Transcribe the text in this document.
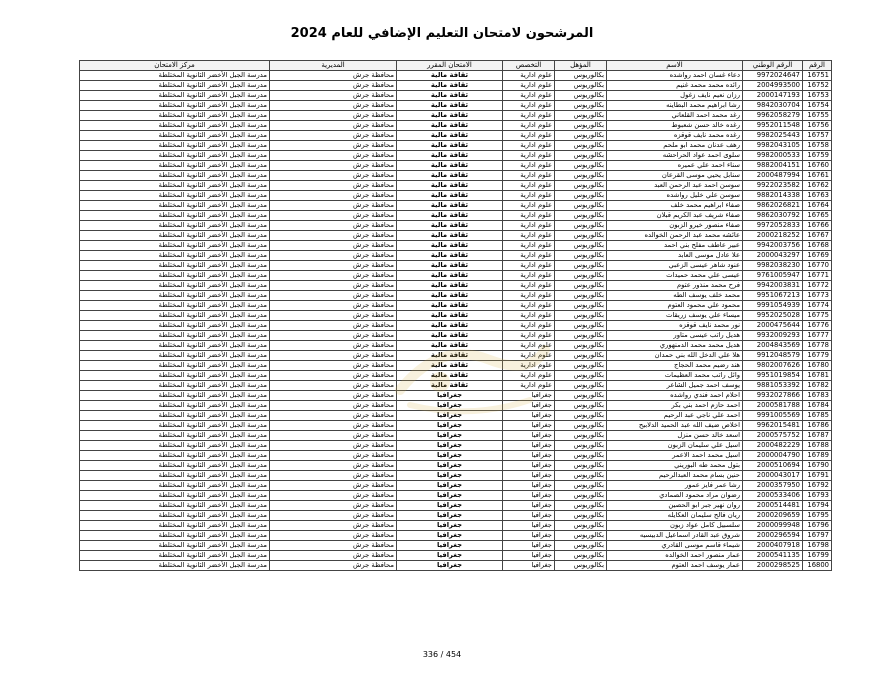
المرشحون لامتحان التعليم الإضافي للعام 2024
الرقم	الرقم الوطني	الاسم	المؤهل	التخصص	الامتحان المقرر	المديرية	مركز الامتحان
16751	9972024647	دعاء غسان احمد رواشده	بكالوريوس	علوم ادارية	ثقافة مالية	محافظة جرش	مدرسة الجبل الأخضر الثانوية المختلطة
16752	2004993500	رائده محمد محمد غنيم	بكالوريوس	علوم ادارية	ثقافة مالية	محافظة جرش	مدرسة الجبل الأخضر الثانوية المختلطة
16753	2000147193	رزان نعيم نايف زغول	بكالوريوس	علوم ادارية	ثقافة مالية	محافظة جرش	مدرسة الجبل الأخضر الثانوية المختلطة
16754	9842030704	رشا ابراهيم محمد البطاينه	بكالوريوس	علوم ادارية	ثقافة مالية	محافظة جرش	مدرسة الجبل الأخضر الثانوية المختلطة
16755	9962058279	رغد محمد احمد القلعاني	بكالوريوس	علوم ادارية	ثقافة مالية	محافظة جرش	مدرسة الجبل الأخضر الثانوية المختلطة
16756	9952011548	رغده خالد حسن شعبوط	بكالوريوس	علوم ادارية	ثقافة مالية	محافظة جرش	مدرسة الجبل الأخضر الثانوية المختلطة
16757	9982025443	رغده محمد نايف قوقزه	بكالوريوس	علوم ادارية	ثقافة مالية	محافظة جرش	مدرسة الجبل الأخضر الثانوية المختلطة
16758	9982043105	رهف عدنان محمد ابو ملحم	بكالوريوس	علوم ادارية	ثقافة مالية	محافظة جرش	مدرسة الجبل الأخضر الثانوية المختلطة
16759	9982000533	سلوى احمد عواد الحراحشه	بكالوريوس	علوم ادارية	ثقافة مالية	محافظة جرش	مدرسة الجبل الأخضر الثانوية المختلطة
16760	9882004151	سناء احمد علي عميره	بكالوريوس	علوم ادارية	ثقافة مالية	محافظة جرش	مدرسة الجبل الأخضر الثانوية المختلطة
16761	2000487994	سنابل يحيي موسى القرعان	بكالوريوس	علوم ادارية	ثقافة مالية	محافظة جرش	مدرسة الجبل الأخضر الثانوية المختلطة
16762	9922023582	سوسن احمد عبد الرحمن العبد	بكالوريوس	علوم ادارية	ثقافة مالية	محافظة جرش	مدرسة الجبل الأخضر الثانوية المختلطة
16763	9882014338	سوسن علي خليل رواشده	بكالوريوس	علوم ادارية	ثقافة مالية	محافظة جرش	مدرسة الجبل الأخضر الثانوية المختلطة
16764	9862026821	صفاء ابراهيم محمد خلف	بكالوريوس	علوم ادارية	ثقافة مالية	محافظة جرش	مدرسة الجبل الأخضر الثانوية المختلطة
16765	9862030792	صفاء شريف عبد الكريم قبلان	بكالوريوس	علوم ادارية	ثقافة مالية	محافظة جرش	مدرسة الجبل الأخضر الثانوية المختلطة
16766	9972052833	صفاء منصور خيرو الزبون	بكالوريوس	علوم ادارية	ثقافة مالية	محافظة جرش	مدرسة الجبل الأخضر الثانوية المختلطة
16767	2000218252	عائشه محمد عبد الرحمن الخوالده	بكالوريوس	علوم ادارية	ثقافة مالية	محافظة جرش	مدرسة الجبل الأخضر الثانوية المختلطة
16768	9942003756	عبير عاطف مفلح بني احمد	بكالوريوس	علوم ادارية	ثقافة مالية	محافظة جرش	مدرسة الجبل الأخضر الثانوية المختلطة
16769	2000043297	علا عادل موسى العابد	بكالوريوس	علوم ادارية	ثقافة مالية	محافظة جرش	مدرسة الجبل الأخضر الثانوية المختلطة
16770	9982038230	عنود شاهر عيسى الزعبي	بكالوريوس	علوم ادارية	ثقافة مالية	محافظة جرش	مدرسة الجبل الأخضر الثانوية المختلطة
16771	9761005947	عيسى علي محمد حميدات	بكالوريوس	علوم ادارية	ثقافة مالية	محافظة جرش	مدرسة الجبل الأخضر الثانوية المختلطة
16772	9942003831	فرح محمد منذور عتوم	بكالوريوس	علوم ادارية	ثقافة مالية	محافظة جرش	مدرسة الجبل الأخضر الثانوية المختلطة
16773	9951067213	محمد خلف يوسف الطه	بكالوريوس	علوم ادارية	ثقافة مالية	محافظة جرش	مدرسة الجبل الأخضر الثانوية المختلطة
16774	9991054939	محمود علي محمود العتوم	بكالوريوس	علوم ادارية	ثقافة مالية	محافظة جرش	مدرسة الجبل الأخضر الثانوية المختلطة
16775	9952025028	ميساء علي يوسف زريقات	بكالوريوس	علوم ادارية	ثقافة مالية	محافظة جرش	مدرسة الجبل الأخضر الثانوية المختلطة
16776	2000475644	نور محمد نايف قوقزه	بكالوريوس	علوم ادارية	ثقافة مالية	محافظة جرش	مدرسة الجبل الأخضر الثانوية المختلطة
16777	9932009293	هديل راتب عيسى متاور	بكالوريوس	علوم ادارية	ثقافة مالية	محافظة جرش	مدرسة الجبل الأخضر الثانوية المختلطة
16778	2004843569	هديل محمد محمد الدمنهوري	بكالوريوس	علوم ادارية	ثقافة مالية	محافظة جرش	مدرسة الجبل الأخضر الثانوية المختلطة
16779	9912048579	هلا علي الدخل الله بني حمدان	بكالوريوس	علوم ادارية	ثقافة مالية	محافظة جرش	مدرسة الجبل الأخضر الثانوية المختلطة
16780	9802007626	هند رضيم محمد الحجاج	بكالوريوس	علوم ادارية	ثقافة مالية	محافظة جرش	مدرسة الجبل الأخضر الثانوية المختلطة
16781	9951019854	وائل راتب محمد العظيمات	بكالوريوس	علوم ادارية	ثقافة مالية	محافظة جرش	مدرسة الجبل الأخضر الثانوية المختلطة
16782	9881053392	يوسف احمد جميل الشاعر	بكالوريوس	علوم ادارية	ثقافة مالية	محافظة جرش	مدرسة الجبل الأخضر الثانوية المختلطة
16783	9932027866	احلام احمد فندي رواشده	بكالوريوس	جغرافيا	جغرافيا	محافظة جرش	مدرسة الجبل الأخضر الثانوية المختلطة
16784	2000581788	احمد حازم احمد بني بكر	بكالوريوس	جغرافيا	جغرافيا	محافظة جرش	مدرسة الجبل الأخضر الثانوية المختلطة
16785	9991005569	احمد علي ناجي عبد الرحيم	بكالوريوس	جغرافيا	جغرافيا	محافظة جرش	مدرسة الجبل الأخضر الثانوية المختلطة
16786	9962015481	اخلاص ضيف الله عبد الحميد الدلابيح	بكالوريوس	جغرافيا	جغرافيا	محافظة جرش	مدرسة الجبل الأخضر الثانوية المختلطة
16787	2000575752	اسعد خالد حسن منزل	بكالوريوس	جغرافيا	جغرافيا	محافظة جرش	مدرسة الجبل الأخضر الثانوية المختلطة
16788	2000482229	اسيل علي سليمان الزبون	بكالوريوس	جغرافيا	جغرافيا	محافظة جرش	مدرسة الجبل الأخضر الثانوية المختلطة
16789	2000004790	اسيل محمد احمد الاعمر	بكالوريوس	جغرافيا	جغرافيا	محافظة جرش	مدرسة الجبل الأخضر الثانوية المختلطة
16790	2000510694	بتول محمد طه البوريني	بكالوريوس	جغرافيا	جغرافيا	محافظة جرش	مدرسة الجبل الأخضر الثانوية المختلطة
16791	2000043017	حنين بسام محمد العبدالرحيم	بكالوريوس	جغرافيا	جغرافيا	محافظة جرش	مدرسة الجبل الأخضر الثانوية المختلطة
16792	2000357950	رشا عمر فايز عمور	بكالوريوس	جغرافيا	جغرافيا	محافظة جرش	مدرسة الجبل الأخضر الثانوية المختلطة
16793	2000533406	رضوان مراد محمود الصمادي	بكالوريوس	جغرافيا	جغرافيا	محافظة جرش	مدرسة الجبل الأخضر الثانوية المختلطة
16794	2000514481	روان نهير جبر ابو الحصين	بكالوريوس	جغرافيا	جغرافيا	محافظة جرش	مدرسة الجبل الأخضر الثانوية المختلطة
16795	2000209659	ريان فالح سليمان العكايله	بكالوريوس	جغرافيا	جغرافيا	محافظة جرش	مدرسة الجبل الأخضر الثانوية المختلطة
16796	2000099948	سلسبيل كامل عواد زبون	بكالوريوس	جغرافيا	جغرافيا	محافظة جرش	مدرسة الجبل الأخضر الثانوية المختلطة
16797	2000296594	شروق عبد القادر اسماعيل الدبيسيه	بكالوريوس	جغرافيا	جغرافيا	محافظة جرش	مدرسة الجبل الأخضر الثانوية المختلطة
16798	2000407918	شيماء قاسم موسى القادري	بكالوريوس	جغرافيا	جغرافيا	محافظة جرش	مدرسة الجبل الأخضر الثانوية المختلطة
16799	2000541135	عمار منصور احمد الخوالده	بكالوريوس	جغرافيا	جغرافيا	محافظة جرش	مدرسة الجبل الأخضر الثانوية المختلطة
16800	2000298525	عمار يوسف احمد العتوم	بكالوريوس	جغرافيا	جغرافيا	محافظة جرش	مدرسة الجبل الأخضر الثانوية المختلطة
336 / 454
